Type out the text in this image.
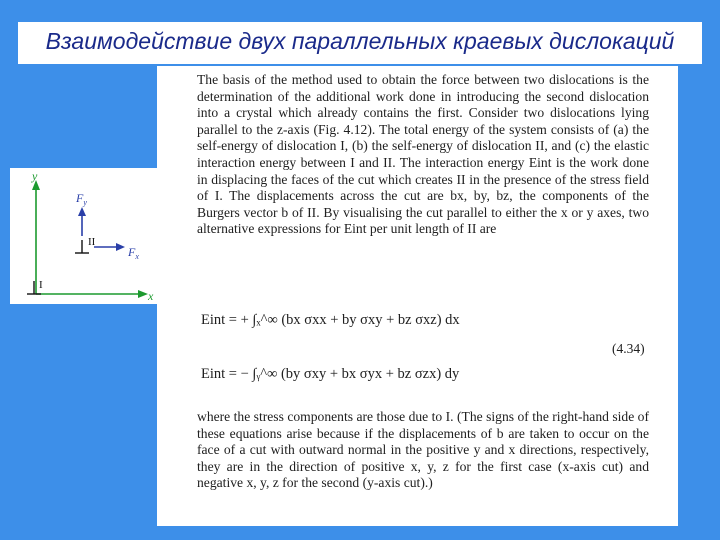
Взаимодействие двух параллельных краевых дислокаций
y
x
I
II
$F_y$
$F_x$

The basis of the method used to obtain the force between two dislocations is the determination of the additional work done in introducing the second dislocation into a crystal which already contains the first. Consider two dislocations lying parallel to the z-axis (Fig. 4.12). The total energy of the system consists of (a) the self-energy of dislocation I, (b) the self-energy of dislocation II, and (c) the elastic interaction energy between I and II. The interaction energy Eint is the work done in displacing the faces of the cut which creates II in the presence of the stress field of I. The displacements across the cut are bx, by, bz, the components of the Burgers vector b of II. By visualising the cut parallel to either the x or y axes, two alternative expressions for Eint per unit length of II are

Eint = + ∫ₓ^∞ (bx σxx + by σxy + bz σxz) dx
(4.34)
Eint = − ∫ᵧ^∞ (by σxy + bx σyx + bz σzx) dy

where the stress components are those due to I. (The signs of the right-hand side of these equations arise because if the displacements of b are taken to occur on the face of a cut with outward normal in the positive y and x directions, respectively, they are in the direction of positive x, y, z for the first case (x-axis cut) and negative x, y, z for the second (y-axis cut).)
